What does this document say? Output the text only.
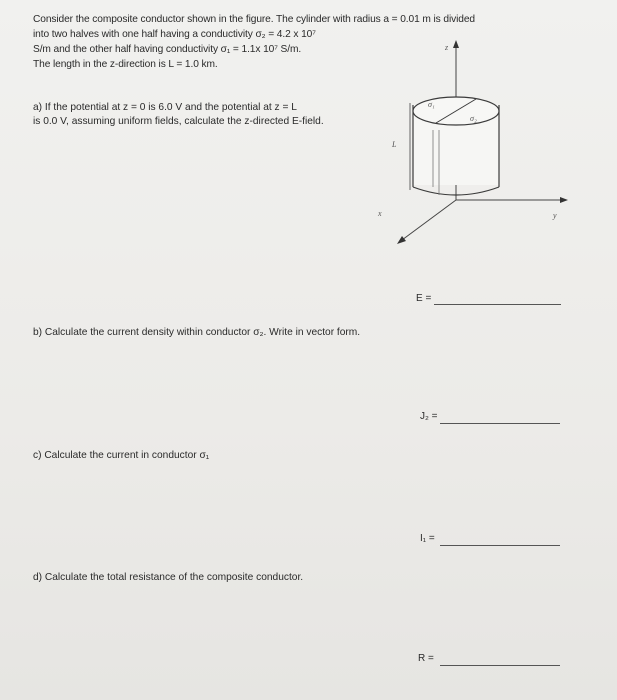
Consider the composite conductor shown in the figure. The cylinder with radius a = 0.01 m is divided
into two halves with one half having a conductivity σ₂ = 4.2 x 10⁷
S/m and the other half having conductivity σ₁ = 1.1x 10⁷ S/m.
The length in the z-direction is L = 1.0 km.
a) If the potential at z = 0 is 6.0 V and the potential at z = L
is 0.0 V, assuming uniform fields, calculate the z-directed E-field.
z
y
x
L
σ₁
σ₂
E =
b) Calculate the current density within conductor σ₂. Write in vector form.
J₂ =
c) Calculate the current in conductor σ₁
I₁ =
d) Calculate the total resistance of the composite conductor.
R =
